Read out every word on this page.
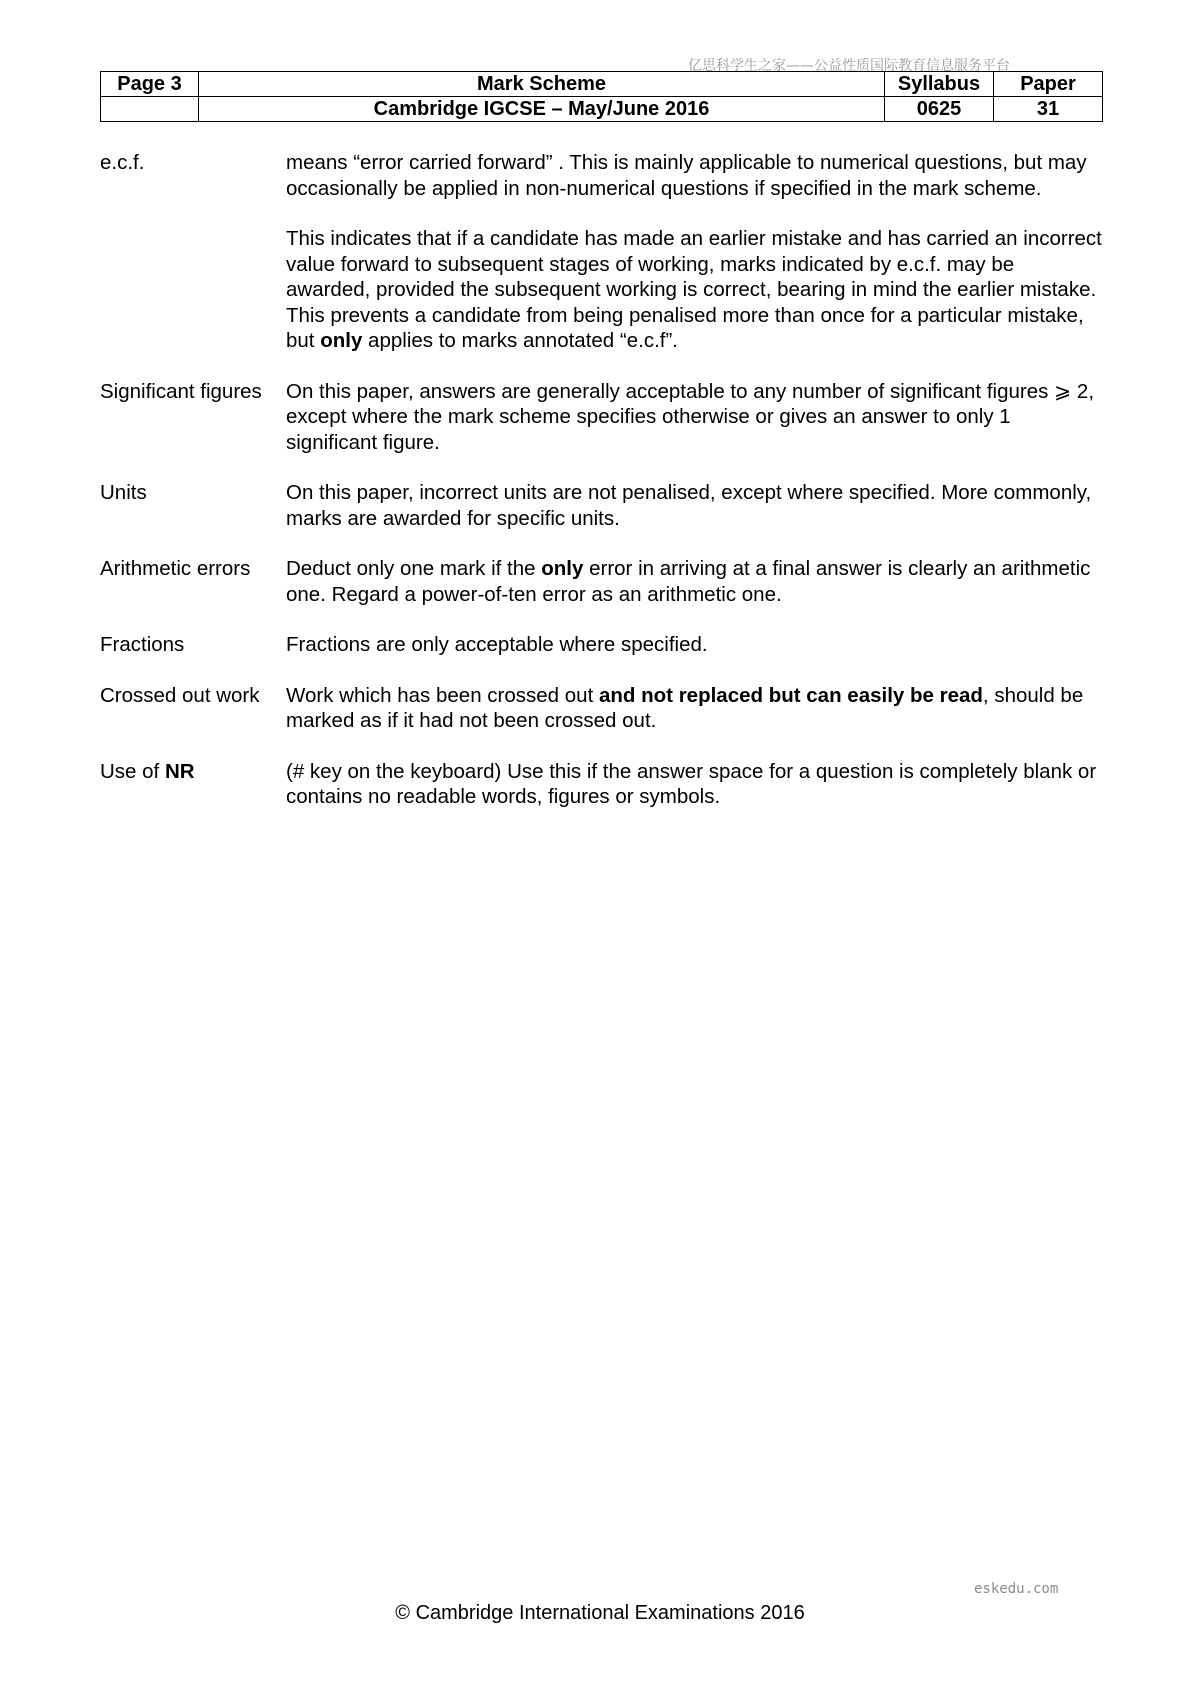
亿思科学生之家——公益性质国际教育信息服务平台
Page 3	Mark Scheme	Syllabus	Paper
	Cambridge IGCSE – May/June 2016	0625	31
e.c.f.	means “error carried forward” . This is mainly applicable to numerical questions, but may occasionally be applied in non-numerical questions if specified in the mark scheme.

This indicates that if a candidate has made an earlier mistake and has carried an incorrect value forward to subsequent stages of working, marks indicated by e.c.f. may be awarded, provided the subsequent working is correct, bearing in mind the earlier mistake. This prevents a candidate from being penalised more than once for a particular mistake, but only applies to marks annotated “e.c.f”.

Significant figures	On this paper, answers are generally acceptable to any number of significant figures ⩾ 2, except where the mark scheme specifies otherwise or gives an answer to only 1 significant figure.
Units	On this paper, incorrect units are not penalised, except where specified. More commonly, marks are awarded for specific units.
Arithmetic errors	Deduct only one mark if the only error in arriving at a final answer is clearly an arithmetic one. Regard a power-of-ten error as an arithmetic one.
Fractions	Fractions are only acceptable where specified.
Crossed out work	Work which has been crossed out and not replaced but can easily be read, should be marked as if it had not been crossed out.
Use of NR	(# key on the keyboard) Use this if the answer space for a question is completely blank or contains no readable words, figures or symbols.
eskedu.com
© Cambridge International Examinations 2016
